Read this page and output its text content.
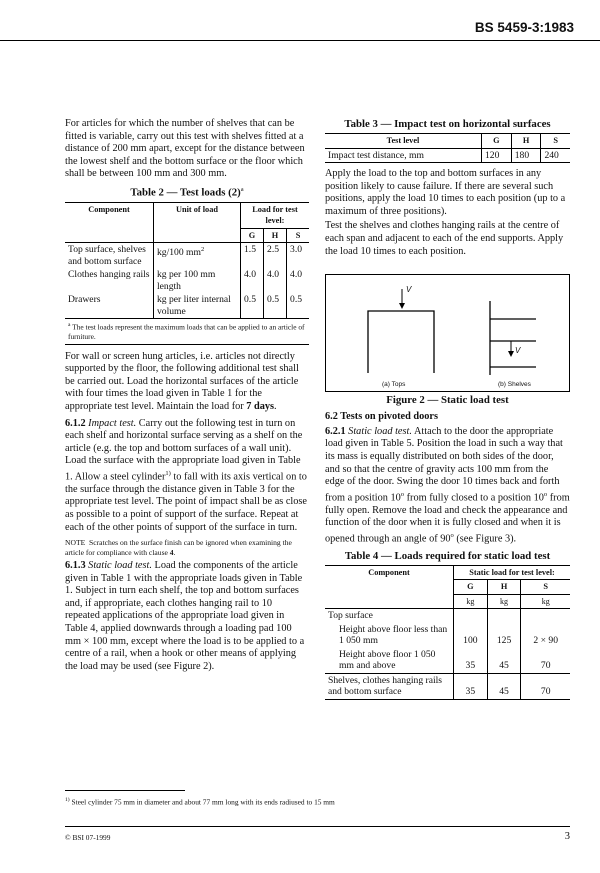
BS 5459-3:1983

For articles for which the number of shelves that can be fitted is variable, carry out this test with shelves fitted at a distance of 200 mm apart, except for the distance between the lowest shelf and the bottom surface or the floor which shall be between 100 mm and 300 mm.

Table 2 — Test loads $(2)^a$
Component	Unit of load	Load for test level:		
		G	H	S
Top surface, shelves and bottom surface	kg/100 $mm^2$	1.5	2.5	3.0
Clothes hanging rails	kg per 100 mm length	4.0	4.0	4.0
Drawers	kg per liter internal volume	0.5	0.5	0.5
$^a$ The test loads represent the maximum loads that can be applied to an article of furniture.				

For wall or screen hung articles, i.e. articles not directly supported by the floor, the following additional test shall be carried out. Load the horizontal surfaces of the article with four times the load given in Table 1 for the appropriate test level. Maintain the load for 7 days.

6.1.2 Impact test. Carry out the following test in turn on each shelf and horizontal surface serving as a shelf on the article (e.g. the top and bottom surfaces of a wall unit). Load the surface with the appropriate load given in Table 1. Allow a steel cylinder$^{1)}$ to fall with its axis vertical on to the surface through the distance given in Table 3 for the appropriate test level. The point of impact shall be as close as possible to a point of support of the surface. Repeat at each of the other points of support of the surface in turn.

NOTE Scratches on the surface finish can be ignored when examining the article for compliance with clause 4.

6.1.3 Static load test. Load the components of the article given in Table 1 with the appropriate loads given in Table 1. Subject in turn each shelf, the top and bottom surfaces and, if appropriate, each clothes hanging rail to 10 repeated applications of the appropriate load given in Table 4, applied downwards through a loading pad 100 mm × 100 mm, except where the load is to be applied to a centre of a rail, when a hook or other means of applying the load may be used (see Figure 2).

Table 3 — Impact test on horizontal surfaces
Test level	G	H	S
Impact test distance, mm	120	180	240

Apply the load to the top and bottom surfaces in any position likely to cause failure. If there are several such positions, apply the load 10 times to each position (up to a maximum of three positions).

Test the shelves and clothes hanging rails at the centre of each span and adjacent to each of the end supports. Apply the load 10 times to each position.

V
V
(a) Tops	(b) Shelves
Figure 2 — Static load test

6.2 Tests on pivoted doors

6.2.1 Static load test. Attach to the door the appropriate load given in Table 5. Position the load in such a way that its mass is equally distributed on both sides of the door, and so that the centre of gravity acts 100 mm from the edge of the door. Swing the door 10 times back and forth from a position 10$^o$ from fully closed to a position 10$^o$ from fully open. Remove the load and check the appearance and function of the door when it is fully closed and when it is opened through an angle of 90$^o$ (see Figure 3).

Table 4 — Loads required for static load test
Component	Static load for test level:		
	G	H	S
	kg	kg	kg
Top surface			
Height above floor less than 1 050 mm	100	125	2 × 90
Height above floor 1 050 mm and above	35	45	70
Shelves, clothes hanging rails and bottom surface	35	45	70
$^{1)}$ Steel cylinder 75 mm in diameter and about 77 mm long with its ends radiused to 15 mm
© BSI 07-1999	3
